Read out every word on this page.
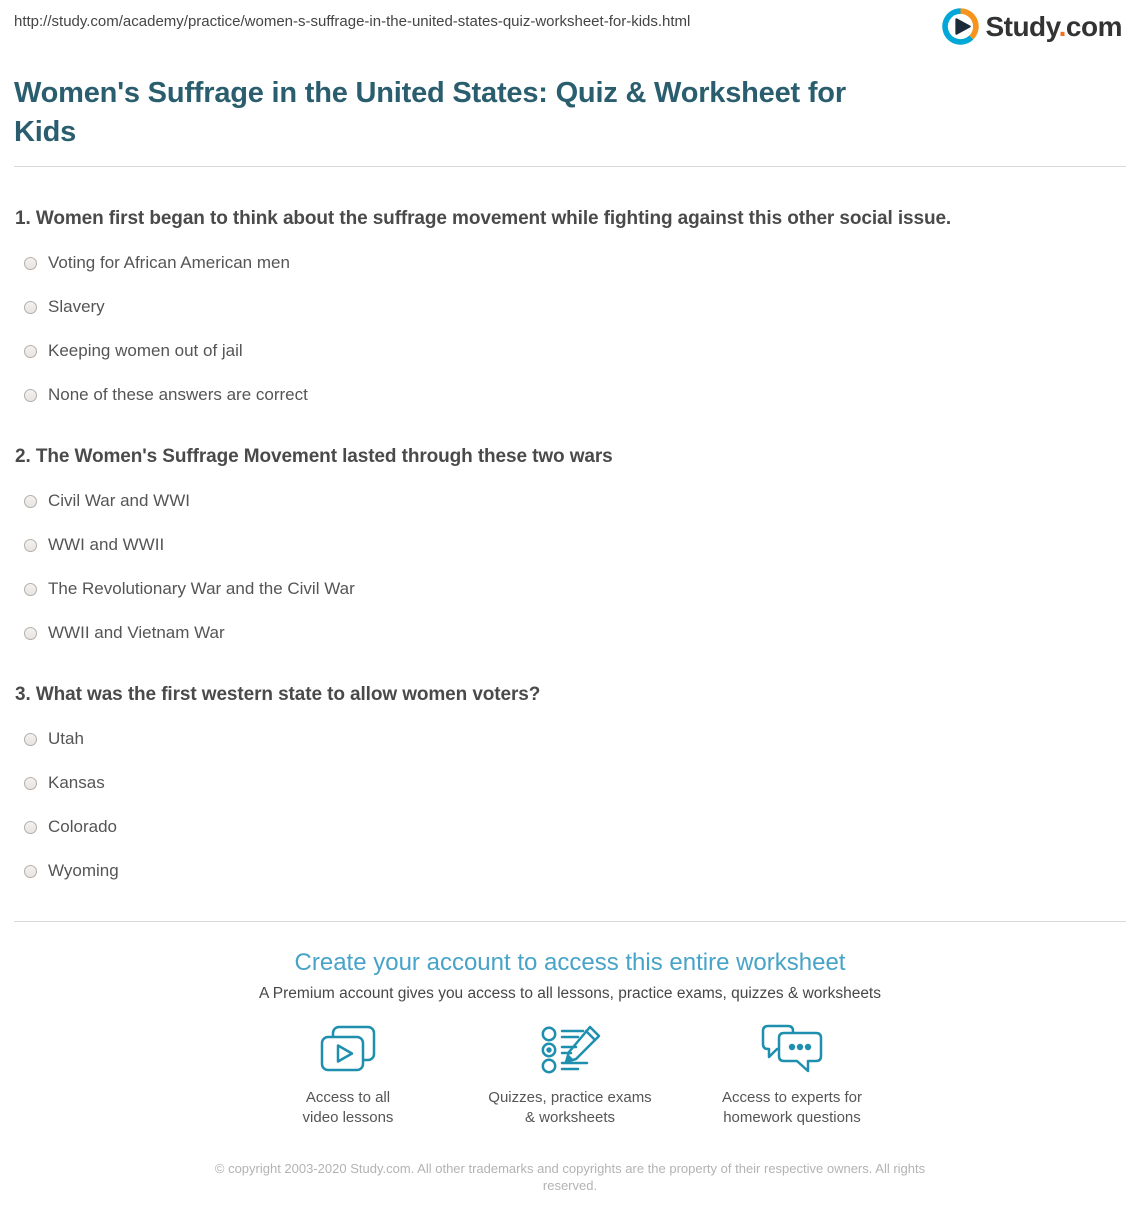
http://study.com/academy/practice/women-s-suffrage-in-the-united-states-quiz-worksheet-for-kids.html	Study.com
Women's Suffrage in the United States: Quiz & Worksheet for Kids
1. Women first began to think about the suffrage movement while fighting against this other social issue.
Voting for African American men
Slavery
Keeping women out of jail
None of these answers are correct
2. The Women's Suffrage Movement lasted through these two wars
Civil War and WWI
WWI and WWII
The Revolutionary War and the Civil War
WWII and Vietnam War
3. What was the first western state to allow women voters?
Utah
Kansas
Colorado
Wyoming
Create your account to access this entire worksheet
A Premium account gives you access to all lessons, practice exams, quizzes & worksheets
Access to all
video lessons
Quizzes, practice exams
& worksheets
Access to experts for
homework questions
© copyright 2003-2020 Study.com. All other trademarks and copyrights are the property of their respective owners. All rights reserved.
